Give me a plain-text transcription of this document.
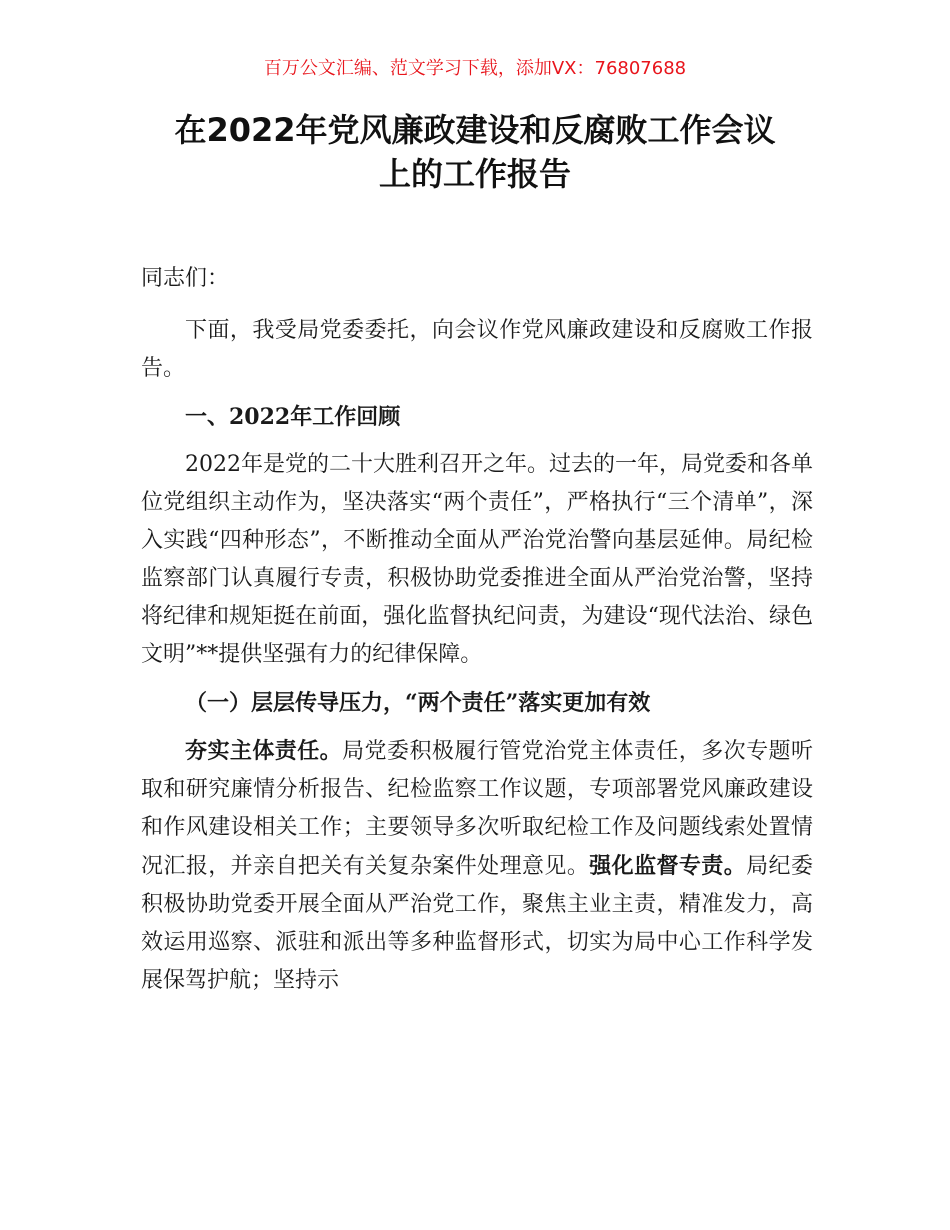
百万公文汇编、范文学习下载，添加VX：76807688
在2022年党风廉政建设和反腐败工作会议
上的工作报告

同志们：

下面，我受局党委委托，向会议作党风廉政建设和反腐败工作报告。

一、2022年工作回顾

2022年是党的二十大胜利召开之年。过去的一年，局党委和各单位党组织主动作为，坚决落实“两个责任”，严格执行“三个清单”，深入实践“四种形态”，不断推动全面从严治党治警向基层延伸。局纪检监察部门认真履行专责，积极协助党委推进全面从严治党治警，坚持将纪律和规矩挺在前面，强化监督执纪问责，为建设“现代法治、绿色文明”**提供坚强有力的纪律保障。

（一）层层传导压力，“两个责任”落实更加有效

夯实主体责任。局党委积极履行管党治党主体责任，多次专题听取和研究廉情分析报告、纪检监察工作议题，专项部署党风廉政建设和作风建设相关工作；主要领导多次听取纪检工作及问题线索处置情况汇报，并亲自把关有关复杂案件处理意见。强化监督专责。局纪委积极协助党委开展全面从严治党工作，聚焦主业主责，精准发力，高效运用巡察、派驻和派出等多种监督形式，切实为局中心工作科学发展保驾护航；坚持示
